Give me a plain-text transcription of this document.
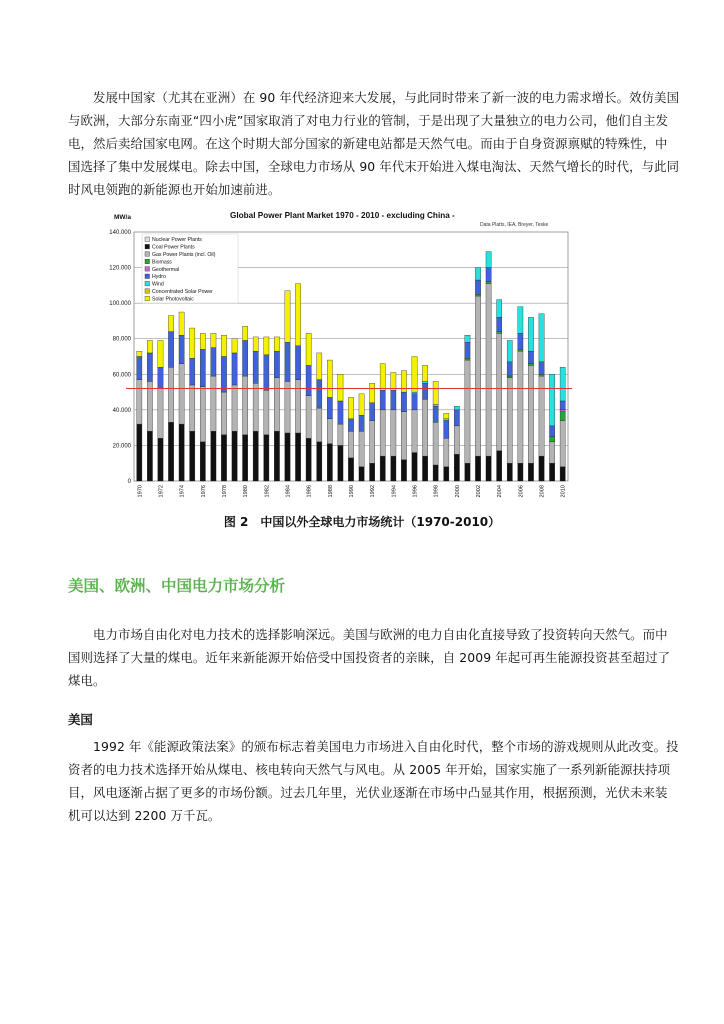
发展中国家（尤其在亚洲）在 90 年代经济迎来大发展，与此同时带来了新一波的电力需求增长。效仿美国与欧洲，大部分东南亚“四小虎”国家取消了对电力行业的管制，于是出现了大量独立的电力公司，他们自主发电，然后卖给国家电网。在这个时期大部分国家的新建电站都是天然气电。而由于自身资源禀赋的特殊性，中国选择了集中发展煤电。除去中国，全球电力市场从 90 年代末开始进入煤电淘汰、天然气增长的时代，与此同时风电领跑的新能源也开始加速前进。

1970	1972	1974	1976	1978	1980	1982	1984	1986	1988	1990	1992	1994	1996	1998	2000	2002	2004	2006	2008	2010
0
20.000
40.000
60.000
80.000
100.000
120.000
140.000
Nuclear Power Plants
Coal Power Plants
Gas Power Plants (incl. Oil)
Biomass
Geothermal
Hydro
Wind
Concentrated Solar Power
Solar Photovoltaic
Global Power Plant Market 1970 - 2010 - excluding China -
Data Platts, IEA, Breyer, Teske
MW/a
图 2　中国以外全球电力市场统计（1970-2010）
美国、欧洲、中国电力市场分析

电力市场自由化对电力技术的选择影响深远。美国与欧洲的电力自由化直接导致了投资转向天然气。而中国则选择了大量的煤电。近年来新能源开始倍受中国投资者的亲睐，自 2009 年起可再生能源投资甚至超过了煤电。

美国

1992 年《能源政策法案》的颁布标志着美国电力市场进入自由化时代，整个市场的游戏规则从此改变。投资者的电力技术选择开始从煤电、核电转向天然气与风电。从 2005 年开始，国家实施了一系列新能源扶持项目，风电逐渐占据了更多的市场份额。过去几年里，光伏业逐渐在市场中凸显其作用，根据预测，光伏未来装机可以达到 2200 万千瓦。
